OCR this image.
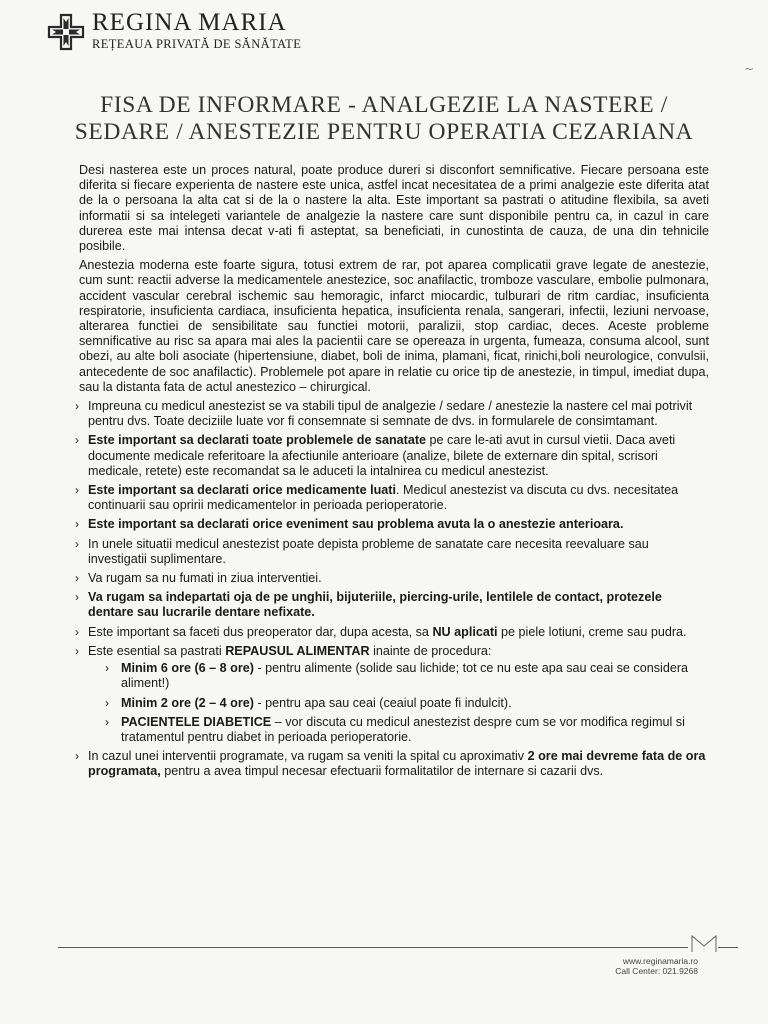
REGINA MARIA
REȚEAUA PRIVATĂ DE SĂNĂTATE
~
FISA DE INFORMARE - ANALGEZIE LA NASTERE /
SEDARE / ANESTEZIE PENTRU OPERATIA CEZARIANA

Desi nasterea este un proces natural, poate produce dureri si disconfort semnificative. Fiecare persoana este diferita si fiecare experienta de nastere este unica, astfel incat necesitatea de a primi analgezie este diferita atat de la o persoana la alta cat si de la o nastere la alta. Este important sa pastrati o atitudine flexibila, sa aveti informatii si sa intelegeti variantele de analgezie la nastere care sunt disponibile pentru ca, in cazul in care durerea este mai intensa decat v-ati fi asteptat, sa beneficiati, in cunostinta de cauza, de una din tehnicile posibile.

Anestezia moderna este foarte sigura, totusi extrem de rar, pot aparea complicatii grave legate de anestezie, cum sunt: reactii adverse la medicamentele anestezice, soc anafilactic, tromboze vasculare, embolie pulmonara, accident vascular cerebral ischemic sau hemoragic, infarct miocardic, tulburari de ritm cardiac, insuficienta respiratorie, insuficienta cardiaca, insuficienta hepatica, insuficienta renala, sangerari, infectii, leziuni nervoase, alterarea functiei de sensibilitate sau functiei motorii, paralizii, stop cardiac, deces. Aceste probleme semnificative au risc sa apara mai ales la pacientii care se opereaza in urgenta, fumeaza, consuma alcool, sunt obezi, au alte boli asociate (hipertensiune, diabet, boli de inima, plamani, ficat, rinichi,boli neurologice, convulsii, antecedente de soc anafilactic). Problemele pot apare in relatie cu orice tip de anestezie, in timpul, imediat dupa, sau la distanta fata de actul anestezico – chirurgical.

› Impreuna cu medicul anestezist se va stabili tipul de analgezie / sedare / anestezie la nastere cel mai potrivit pentru dvs. Toate deciziile luate vor fi consemnate si semnate de dvs. in formularele de consimtamant.
› Este important sa declarati toate problemele de sanatate pe care le-ati avut in cursul vietii. Daca aveti documente medicale referitoare la afectiunile anterioare (analize, bilete de externare din spital, scrisori medicale, retete) este recomandat sa le aduceti la intalnirea cu medicul anestezist.
› Este important sa declarati orice medicamente luati. Medicul anestezist va discuta cu dvs. necesitatea continuarii sau opririi medicamentelor in perioada perioperatorie.
› Este important sa declarati orice eveniment sau problema avuta la o anestezie anterioara.
› In unele situatii medicul anestezist poate depista probleme de sanatate care necesita reevaluare sau investigatii suplimentare.
› Va rugam sa nu fumati in ziua interventiei.
› Va rugam sa indepartati oja de pe unghii, bijuteriile, piercing-urile, lentilele de contact, protezele dentare sau lucrarile dentare nefixate.
› Este important sa faceti dus preoperator dar, dupa acesta, sa NU aplicati pe piele lotiuni, creme sau pudra.
› Este esential sa pastrati REPAUSUL ALIMENTAR inainte de procedura:
› Minim 6 ore (6 – 8 ore) - pentru alimente (solide sau lichide; tot ce nu este apa sau ceai se considera aliment!)
› Minim 2 ore (2 – 4 ore) - pentru apa sau ceai (ceaiul poate fi indulcit).
› PACIENTELE DIABETICE – vor discuta cu medicul anestezist despre cum se vor modifica regimul si tratamentul pentru diabet in perioada perioperatorie.
› In cazul unei interventii programate, va rugam sa veniti la spital cu aproximativ 2 ore mai devreme fata de ora programata, pentru a avea timpul necesar efectuarii formalitatilor de internare si cazarii dvs.
www.reginamaria.ro
Call Center: 021.9268
